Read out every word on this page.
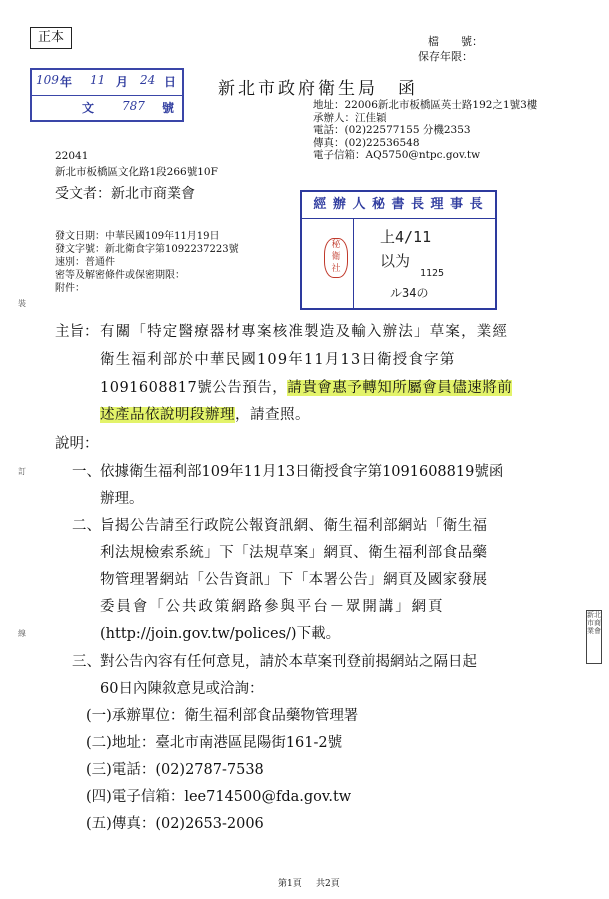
正本	檔　　號：
保存年限：
109 年 11 月 24 日
文 787 號
新北市政府衛生局　函
地址：22006新北市板橋區英士路192之1號3樓
承辦人：江佳穎
電話：(02)22577155 分機2353
傳真：(02)22536548
電子信箱：AQ5750@ntpc.gov.tw
22041
新北市板橋區文化路1段266號10F
受文者：新北市商業會
發文日期：中華民國109年11月19日
發文字號：新北衛食字第1092237223號
速別：普通件
密等及解密條件或保密期限：
附件：
經 辦 人 秘 書 長 理 事 長
上4/11
以为
1125
ル34の
秘
衛
社
主旨： 有關「特定醫療器材專案核准製造及輸入辦法」草案，業經
衛生福利部於中華民國109年11月13日衛授食字第
1091608817號公告預告，請貴會惠予轉知所屬會員儘速將前
述產品依說明段辦理，請查照。
說明：
一、 依據衛生福利部109年11月13日衛授食字第1091608819號函
辦理。
二、 旨揭公告請至行政院公報資訊網、衛生福利部網站「衛生福
利法規檢索系統」下「法規草案」網頁、衛生福利部食品藥
物管理署網站「公告資訊」下「本署公告」網頁及國家發展
委員會「公共政策網路參與平台－眾開講」網頁
(http://join.gov.tw/polices/)下載。
三、 對公告內容有任何意見，請於本草案刊登前揭網站之隔日起
60日內陳敘意見或洽詢：
(一)承辦單位：衛生福利部食品藥物管理署
(二)地址：臺北市南港區昆陽街161-2號
(三)電話：(02)2787-7538
(四)電子信箱：lee714500@fda.gov.tw
(五)傳真：(02)2653-2006
裝
訂
線
新北市商業會
第1頁 共2頁
